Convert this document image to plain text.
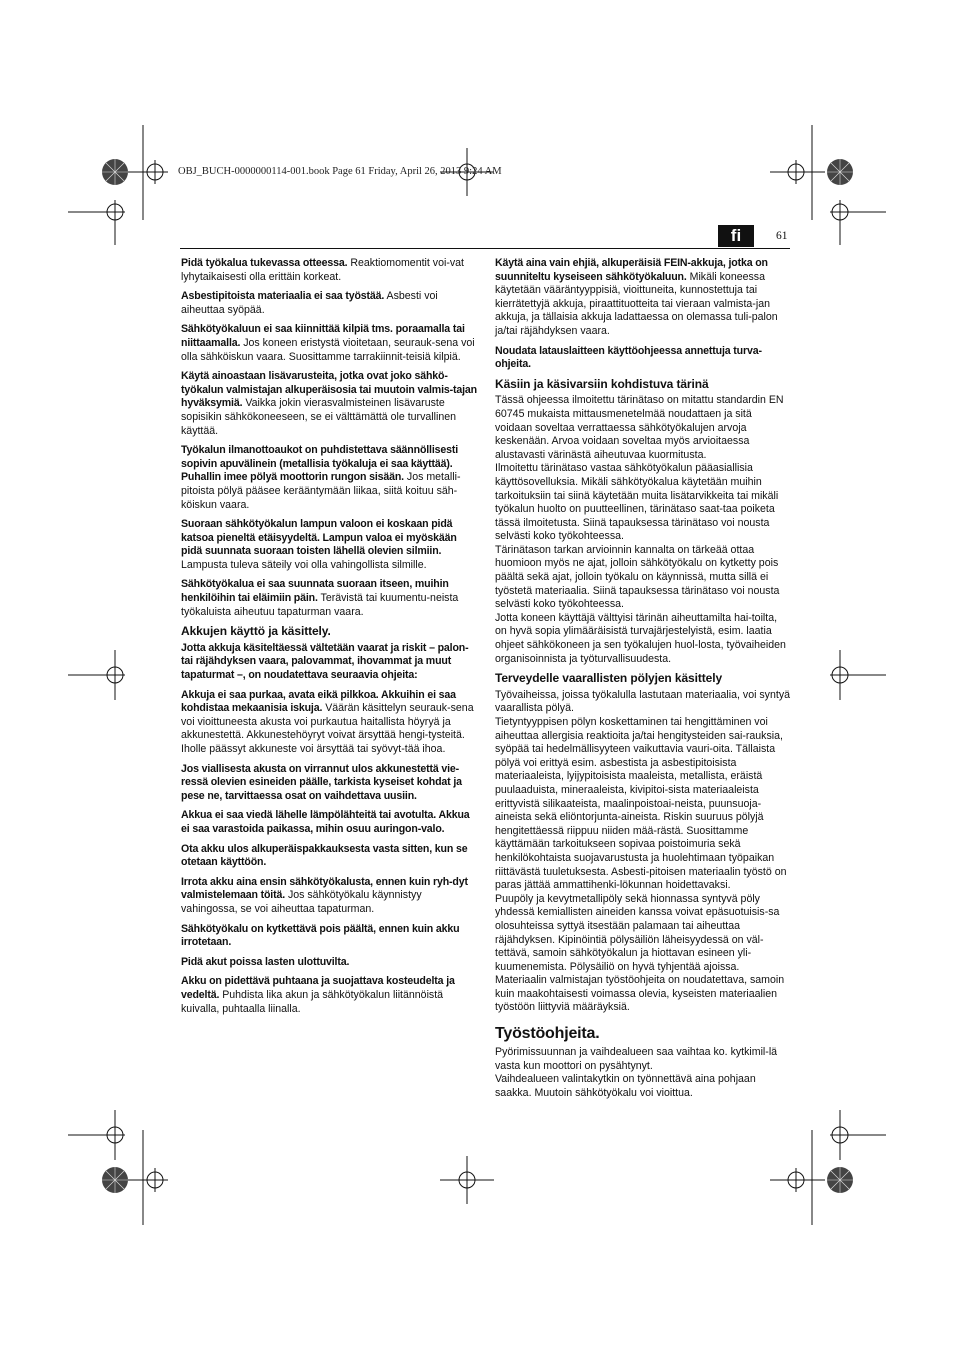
OBJ_BUCH-0000000114-001.book Page 61 Friday, April 26, 2013 9:24 AM
fi	61

Pidä työkalua tukevassa otteessa. Reaktiomomentit voi-vat lyhytaikaisesti olla erittäin korkeat.

Asbestipitoista materiaalia ei saa työstää. Asbesti voi aiheuttaa syöpää.

Sähkötyökaluun ei saa kiinnittää kilpiä tms. poraamalla tai niittaamalla. Jos koneen eristystä vioitetaan, seurauk-sena voi olla sähköiskun vaara. Suosittamme tarrakiinnit-teisiä kilpiä.

Käytä ainoastaan lisävarusteita, jotka ovat joko sähkö-työkalun valmistajan alkuperäisosia tai muutoin valmis-tajan hyväksymiä. Vaikka jokin vierasvalmisteinen lisävaruste sopisikin sähkökoneeseen, se ei välttämättä ole turvallinen käyttää.

Työkalun ilmanottoaukot on puhdistettava säännöllisesti sopivin apuvälinein (metallisia työkaluja ei saa käyttää). Puhallin imee pölyä moottorin rungon sisään. Jos metalli-pitoista pölyä pääsee kerääntymään liikaa, siitä koituu säh-köiskun vaara.

Suoraan sähkötyökalun lampun valoon ei koskaan pidä katsoa pieneltä etäisyydeltä. Lampun valoa ei myöskään pidä suunnata suoraan toisten lähellä olevien silmiin. Lampusta tuleva säteily voi olla vahingollista silmille.

Sähkötyökalua ei saa suunnata suoraan itseen, muihin henkilöihin tai eläimiin päin. Terävistä tai kuumentu-neista työkaluista aiheutuu tapaturman vaara.

Akkujen käyttö ja käsittely.

Jotta akkuja käsiteltäessä vältetään vaarat ja riskit – palon- tai räjähdyksen vaara, palovammat, ihovammat ja muut tapaturmat –, on noudatettava seuraavia ohjeita:

Akkuja ei saa purkaa, avata eikä pilkkoa. Akkuihin ei saa kohdistaa mekaanisia iskuja. Väärän käsittelyn seurauk-sena voi vioittuneesta akusta voi purkautua haitallista höyryä ja akkunestettä. Akkunestehöyryt voivat ärsyttää hengi-tysteitä. Iholle päässyt akkuneste voi ärsyttää tai syövyt-tää ihoa.

Jos viallisesta akusta on virrannut ulos akkunestettä vie-ressä olevien esineiden päälle, tarkista kyseiset kohdat ja pese ne, tarvittaessa osat on vaihdettava uusiin.

Akkua ei saa viedä lähelle lämpölähteitä tai avotulta. Akkua ei saa varastoida paikassa, mihin osuu auringon-valo.

Ota akku ulos alkuperäispakkauksesta vasta sitten, kun se otetaan käyttöön.

Irrota akku aina ensin sähkötyökalusta, ennen kuin ryh-dyt valmistelemaan töitä. Jos sähkötyökalu käynnistyy vahingossa, se voi aiheuttaa tapaturman.

Sähkötyökalu on kytkettävä pois päältä, ennen kuin akku irrotetaan.

Pidä akut poissa lasten ulottuvilta.

Akku on pidettävä puhtaana ja suojattava kosteudelta ja vedeltä. Puhdista lika akun ja sähkötyökalun liitännöistä kuivalla, puhtaalla liinalla.

Käytä aina vain ehjiä, alkuperäisiä FEIN-akkuja, jotka on suunniteltu kyseiseen sähkötyökaluun. Mikäli koneessa käytetään vääräntyyppisiä, vioittuneita, kunnostettuja tai kierrätettyjä akkuja, piraattituotteita tai vieraan valmista-jan akkuja, ja tällaisia akkuja ladattaessa on olemassa tuli-palon ja/tai räjähdyksen vaara.

Noudata latauslaitteen käyttöohjeessa annettuja turva-ohjeita.

Käsiin ja käsivarsiin kohdistuva tärinä

Tässä ohjeessa ilmoitettu tärinätaso on mitattu standardin EN 60745 mukaista mittausmenetelmää noudattaen ja sitä voidaan soveltaa verrattaessa sähkötyökalujen arvoja keskenään. Arvoa voidaan soveltaa myös arvioitaessa alustavasti värinästä aiheutuvaa kuormitusta.

Ilmoitettu tärinätaso vastaa sähkötyökalun pääasiallisia käyttösovelluksia. Mikäli sähkötyökalua käytetään muihin tarkoituksiin tai siinä käytetään muita lisätarvikkeita tai mikäli työkalun huolto on puutteellinen, tärinätaso saat-taa poiketa tässä ilmoitetusta. Siinä tapauksessa tärinätaso voi nousta selvästi koko työkohteessa.

Tärinätason tarkan arvioinnin kannalta on tärkeää ottaa huomioon myös ne ajat, jolloin sähkötyökalu on kytketty pois päältä sekä ajat, jolloin työkalu on käynnissä, mutta sillä ei työstetä materiaalia. Siinä tapauksessa tärinätaso voi nousta selvästi koko työkohteessa.

Jotta koneen käyttäjä välttyisi tärinän aiheuttamilta hai-toilta, on hyvä sopia ylimääräisistä turvajärjestelyistä, esim. laatia ohjeet sähkökoneen ja sen työkalujen huol-losta, työvaiheiden organisoinnista ja työturvallisuudesta.

Terveydelle vaarallisten pölyjen käsittely

Työvaiheissa, joissa työkalulla lastutaan materiaalia, voi syntyä vaarallista pölyä.

Tietyntyyppisen pölyn koskettaminen tai hengittäminen voi aiheuttaa allergisia reaktioita ja/tai hengitysteiden sai-rauksia, syöpää tai hedelmällisyyteen vaikuttavia vauri-oita. Tällaista pölyä voi erittyä esim. asbestista ja asbestipitoisista materiaaleista, lyijypitoisista maaleista, metallista, eräistä puulaaduista, mineraaleista, kivipitoi-sista materiaaleista erittyvistä silikaateista, maalinpoistoai-neista, puunsuoja-aineista sekä eliöntorjunta-aineista. Riskin suuruus pölyjä hengitettäessä riippuu niiden mää-rästä. Suosittamme käyttämään tarkoitukseen sopivaa poistoimuria sekä henkilökohtaista suojavarustusta ja huolehtimaan työpaikan riittävästä tuuletuksesta. Asbesti-pitoisen materiaalin työstö on paras jättää ammattihenki-lökunnan hoidettavaksi.

Puupöly ja kevytmetallipöly sekä hionnassa syntyvä pöly yhdessä kemiallisten aineiden kanssa voivat epäsuotuisis-sa olosuhteissa syttyä itsestään palamaan tai aiheuttaa räjähdyksen. Kipinöintiä pölysäiliön läheisyydessä on väl-tettävä, samoin sähkötyökalun ja hiottavan esineen yli-kuumenemista. Pölysäiliö on hyvä tyhjentää ajoissa.

Materiaalin valmistajan työstöohjeita on noudatettava, samoin kuin maakohtaisesti voimassa olevia, kyseisten materiaalien työstöön liittyviä määräyksiä.

Työstöohjeita.

Pyörimissuunnan ja vaihdealueen saa vaihtaa ko. kytkimil-lä vasta kun moottori on pysähtynyt.

Vaihdealueen valintakytkin on työnnettävä aina pohjaan saakka. Muutoin sähkötyökalu voi vioittua.
